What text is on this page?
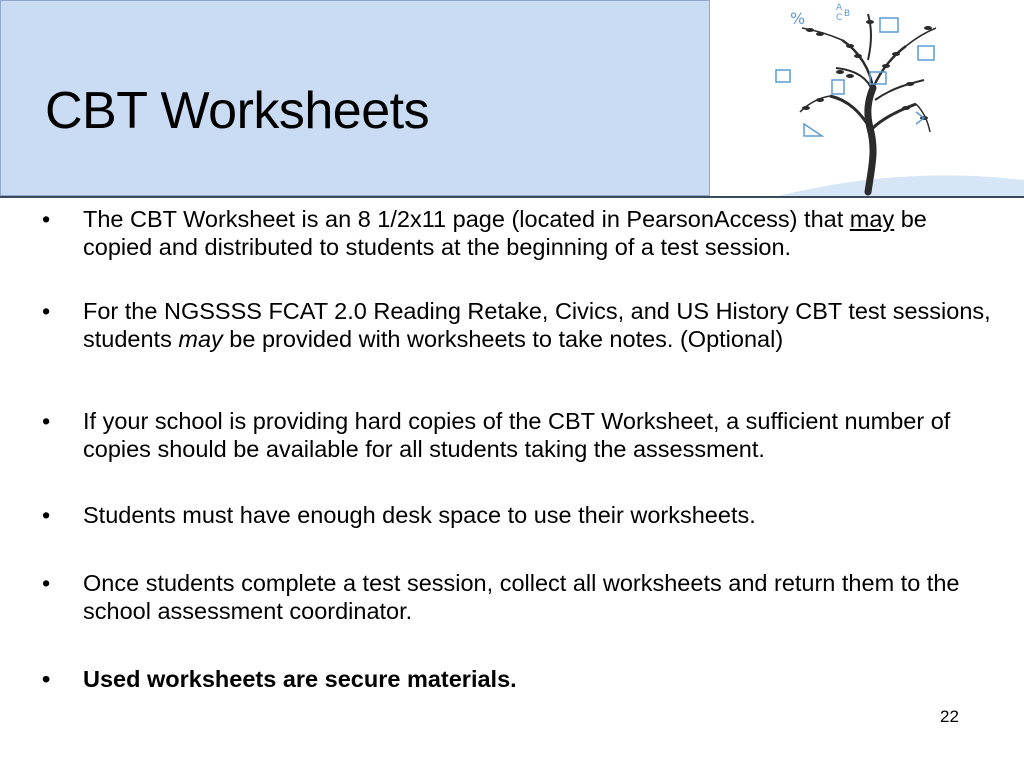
CBT Worksheets
%
A
C B
•	The CBT Worksheet is an 8 1/2x11 page (located in PearsonAccess) that may be copied and distributed to students at the beginning of a test session.
•	For the NGSSSS FCAT 2.0 Reading Retake, Civics, and US History CBT test sessions, students may be provided with worksheets to take notes. (Optional)
•	If your school is providing hard copies of the CBT Worksheet, a sufficient number of copies should be available for all students taking the assessment.
•	Students must have enough desk space to use their worksheets.
•	Once students complete a test session, collect all worksheets and return them to the school assessment coordinator.
•	Used worksheets are secure materials.
22
